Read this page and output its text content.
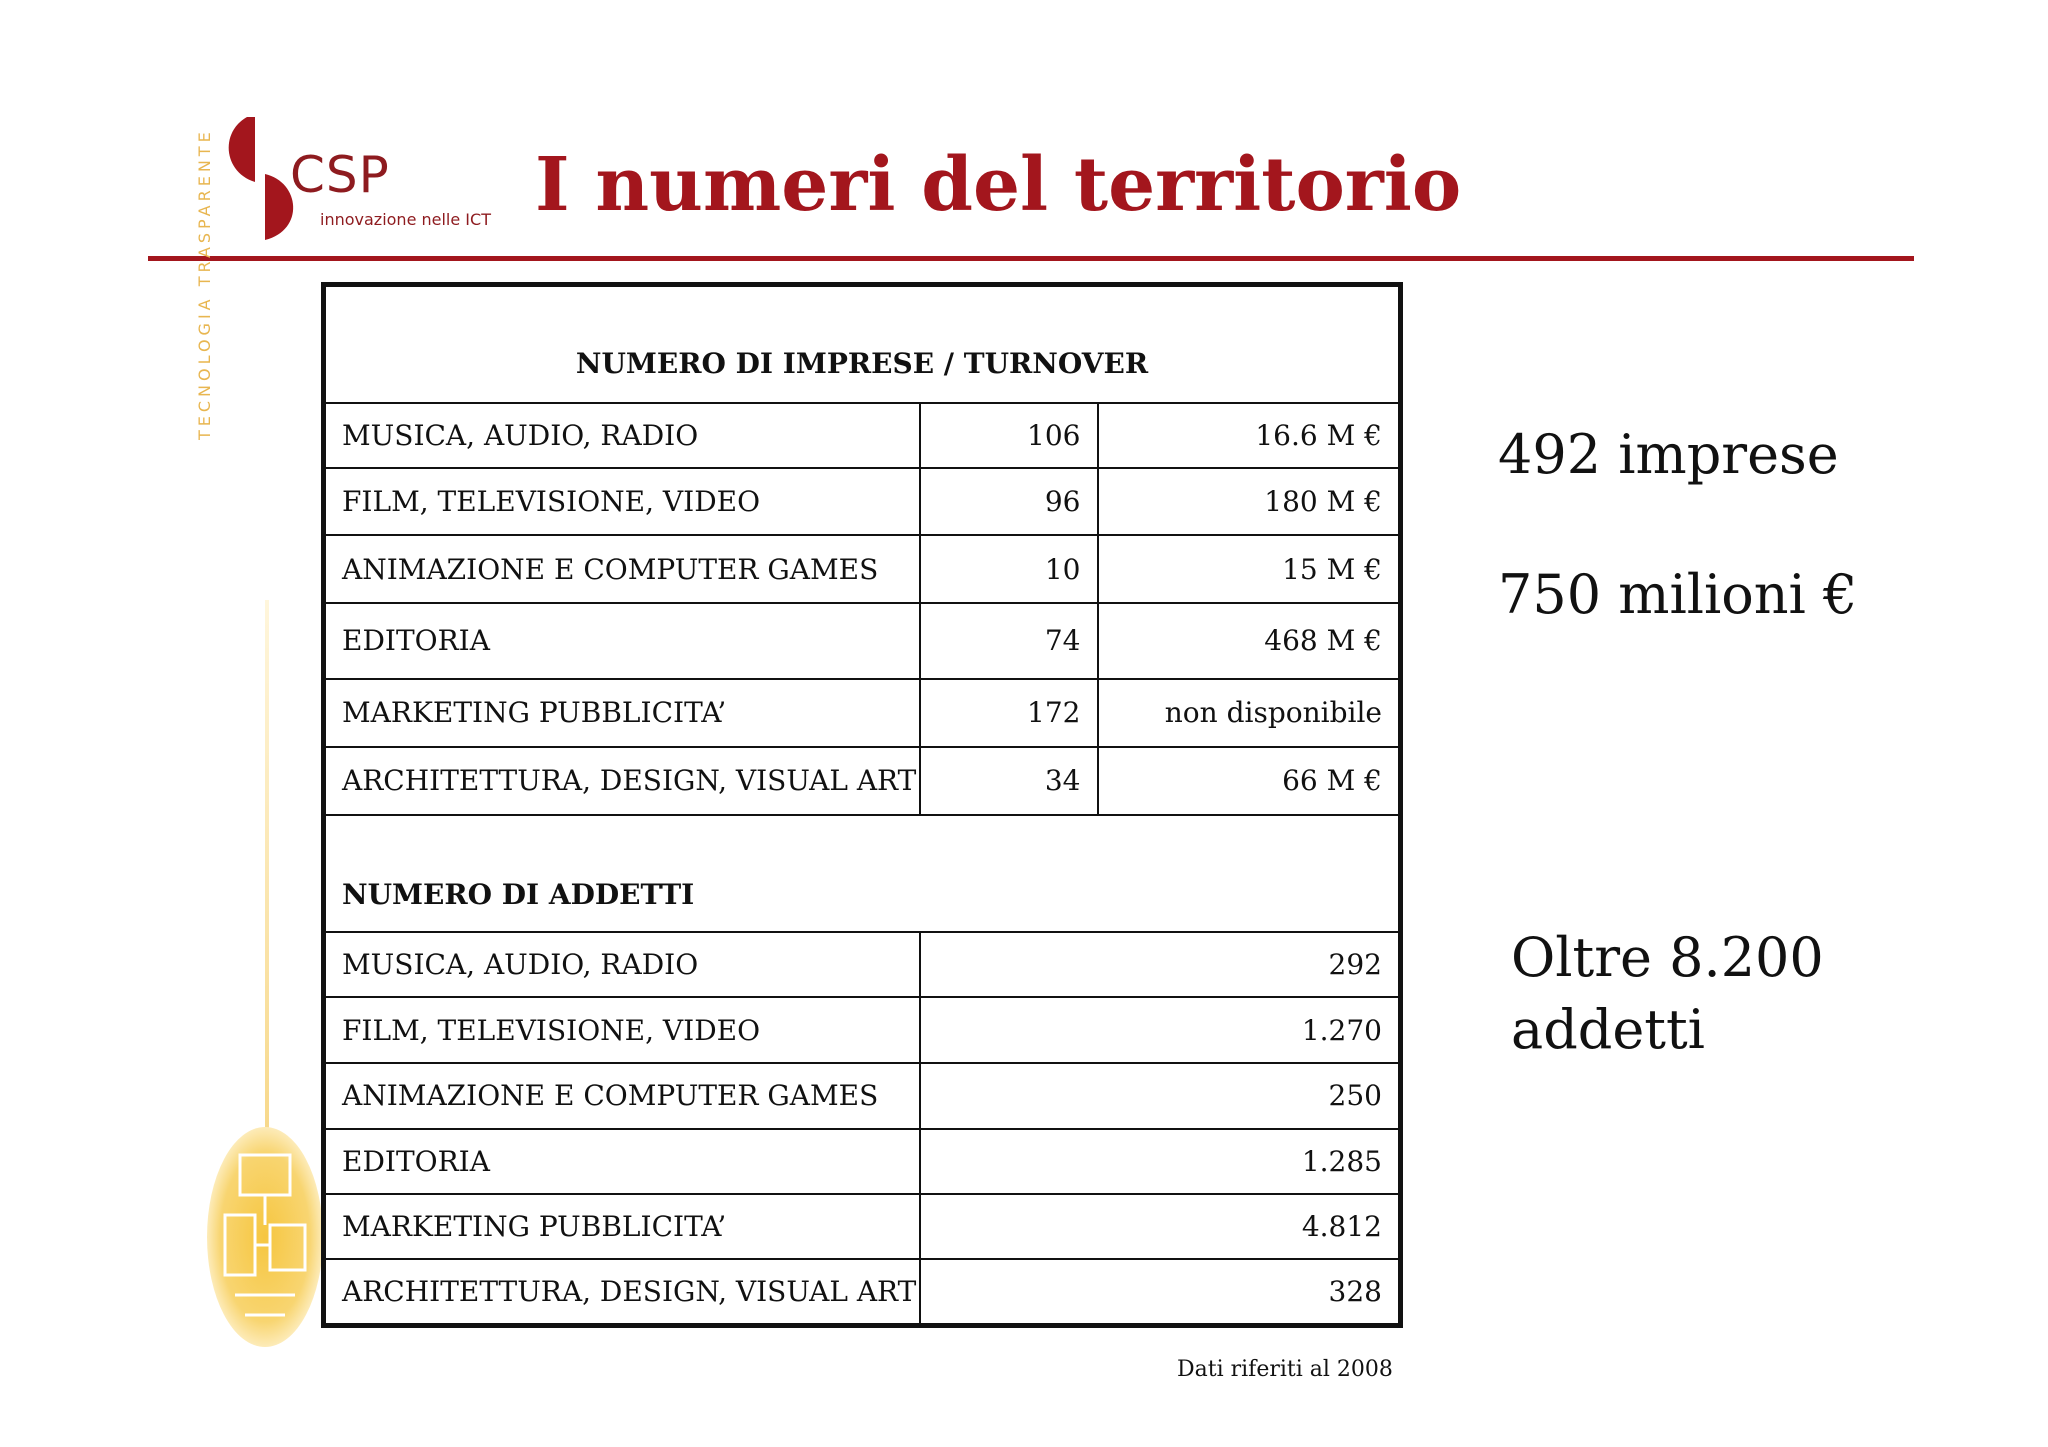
CSP
innovazione nelle ICT I numeri del territorio
TECNOLOGIA TRASPARENTE	NUMERO DI IMPRESE / TURNOVER		
MUSICA, AUDIO, RADIO	106	16.6 M €
FILM, TELEVISIONE, VIDEO	96	180 M €
ANIMAZIONE E COMPUTER GAMES	10	15 M €
EDITORIA	74	468 M €
MARKETING PUBBLICITA’	172	non disponibile
ARCHITETTURA, DESIGN, VISUAL ART	34	66 M €
NUMERO DI ADDETTI		
MUSICA, AUDIO, RADIO	292	
FILM, TELEVISIONE, VIDEO	1.270	
ANIMAZIONE E COMPUTER GAMES	250	
EDITORIA	1.285	
MARKETING PUBBLICITA’	4.812	
ARCHITETTURA, DESIGN, VISUAL ART	328	
492 imprese
750 milioni €
Oltre 8.200
addetti
Dati riferiti al 2008
